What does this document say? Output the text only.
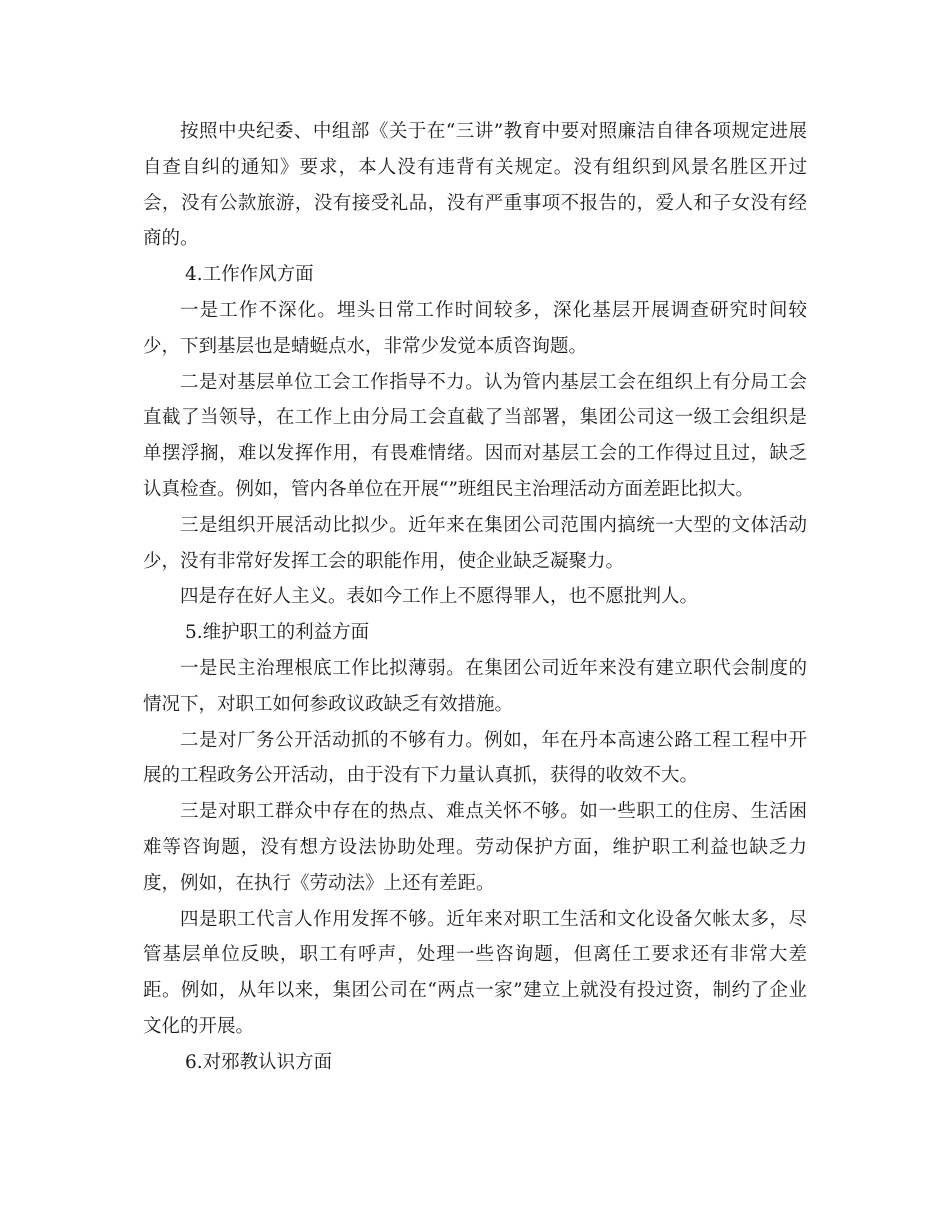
按照中央纪委、中组部《关于在“三讲”教育中要对照廉洁自律各项规定进展自查自纠的通知》要求，本人没有违背有关规定。没有组织到风景名胜区开过会，没有公款旅游，没有接受礼品，没有严重事项不报告的，爱人和子女没有经商的。

4.工作作风方面

一是工作不深化。埋头日常工作时间较多，深化基层开展调查研究时间较少，下到基层也是蜻蜓点水，非常少发觉本质咨询题。

二是对基层单位工会工作指导不力。认为管内基层工会在组织上有分局工会直截了当领导，在工作上由分局工会直截了当部署，集团公司这一级工会组织是单摆浮搁，难以发挥作用，有畏难情绪。因而对基层工会的工作得过且过，缺乏认真检查。例如，管内各单位在开展“”班组民主治理活动方面差距比拟大。

三是组织开展活动比拟少。近年来在集团公司范围内搞统一大型的文体活动少，没有非常好发挥工会的职能作用，使企业缺乏凝聚力。

四是存在好人主义。表如今工作上不愿得罪人，也不愿批判人。

5.维护职工的利益方面

一是民主治理根底工作比拟薄弱。在集团公司近年来没有建立职代会制度的情况下，对职工如何参政议政缺乏有效措施。

二是对厂务公开活动抓的不够有力。例如，年在丹本高速公路工程工程中开展的工程政务公开活动，由于没有下力量认真抓，获得的收效不大。

三是对职工群众中存在的热点、难点关怀不够。如一些职工的住房、生活困难等咨询题，没有想方设法协助处理。劳动保护方面，维护职工利益也缺乏力度，例如，在执行《劳动法》上还有差距。

四是职工代言人作用发挥不够。近年来对职工生活和文化设备欠帐太多，尽管基层单位反映，职工有呼声，处理一些咨询题，但离任工要求还有非常大差距。例如，从年以来，集团公司在“两点一家”建立上就没有投过资，制约了企业文化的开展。

6.对邪教认识方面
